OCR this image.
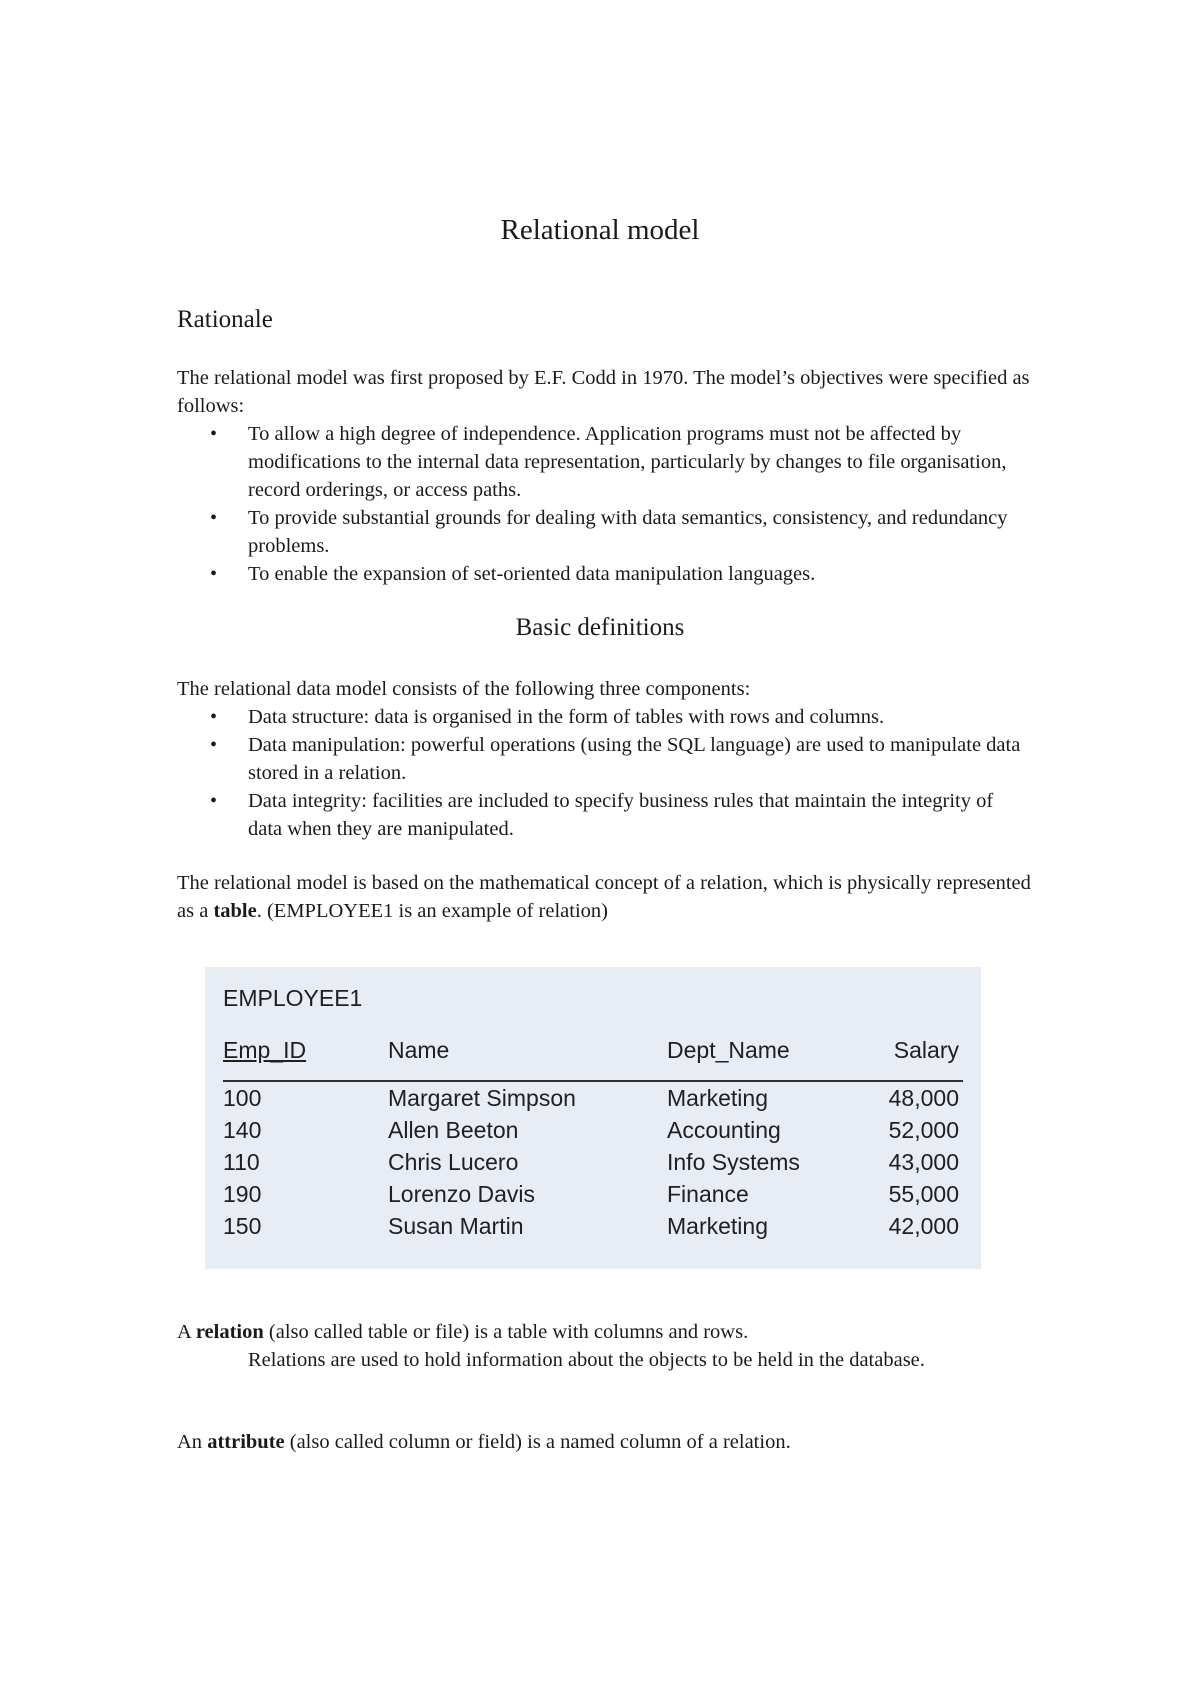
Relational model
Rationale

The relational model was first proposed by E.F. Codd in 1970. The model’s objectives were specified as follows:

• To allow a high degree of independence. Application programs must not be affected by modifications to the internal data representation, particularly by changes to file organisation, record orderings, or access paths.
• To provide substantial grounds for dealing with data semantics, consistency, and redundancy problems.
• To enable the expansion of set-oriented data manipulation languages.
Basic definitions

The relational data model consists of the following three components:

• Data structure: data is organised in the form of tables with rows and columns.
• Data manipulation: powerful operations (using the SQL language) are used to manipulate data stored in a relation.
• Data integrity: facilities are included to specify business rules that maintain the integrity of data when they are manipulated.

The relational model is based on the mathematical concept of a relation, which is physically represented as a table. (EMPLOYEE1 is an example of relation)

EMPLOYEE1
Emp_ID	Name	Dept_Name	Salary
100	Margaret Simpson	Marketing	48,000
140	Allen Beeton	Accounting	52,000
110	Chris Lucero	Info Systems	43,000
190	Lorenzo Davis	Finance	55,000
150	Susan Martin	Marketing	42,000

A relation (also called table or file) is a table with columns and rows.

Relations are used to hold information about the objects to be held in the database.

An attribute (also called column or field) is a named column of a relation.
